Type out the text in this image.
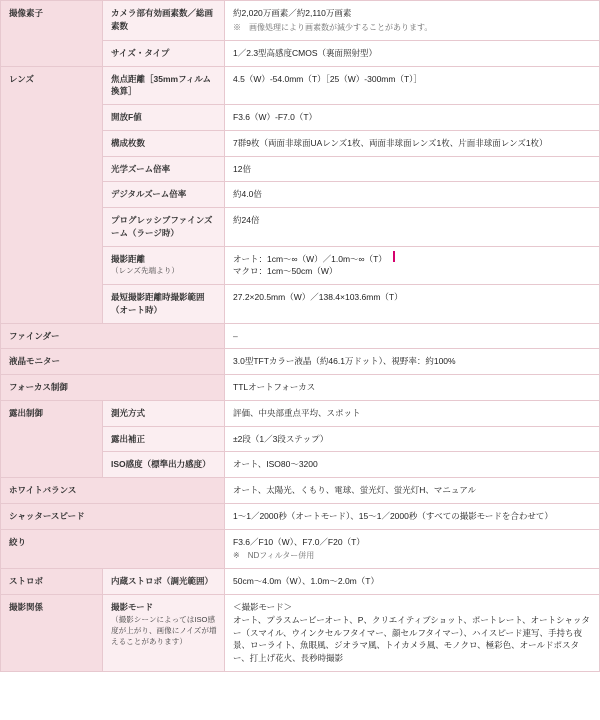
撮像素子	カメラ部有効画素数／総画素数	約2,020万画素／約2,110万画素
※　画像処理により画素数が減少することがあります。

	サイズ・タイプ	1／2.3型高感度CMOS（裏面照射型）

レンズ	焦点距離［35mmフィルム換算］	4.5（W）-54.0mm（T）［25（W）-300mm（T）］

	開放F値	F3.6（W）-F7.0（T）

	構成枚数	7群9枚（両面非球面UAレンズ1枚、両面非球面レンズ1枚、片面非球面レンズ1枚）

	光学ズーム倍率	12倍

	デジタルズーム倍率	約4.0倍

	プログレッシブファインズーム（ラージ時）	約24倍

	撮影距離
（レンズ先端より）	オート：1cm〜∞（W）／1.0m〜∞（T）
マクロ：1cm〜50cm（W）

	最短撮影距離時撮影範囲（オート時）	27.2×20.5mm（W）／138.4×103.6mm（T）

ファインダー		–

液晶モニター		3.0型TFTカラー液晶（約46.1万ドット）、視野率：約100%

フォーカス制御		TTLオートフォーカス

露出制御	測光方式	評価、中央部重点平均、スポット

	露出補正	±2段（1／3段ステップ）

	ISO感度（標準出力感度）	オート、ISO80〜3200

ホワイトバランス		オート、太陽光、くもり、電球、蛍光灯、蛍光灯H、マニュアル

シャッタースピード		1〜1／2000秒（オートモード）、15〜1／2000秒（すべての撮影モードを合わせて）

絞り		F3.6／F10（W）、F7.0／F20（T）
※　NDフィルター併用

ストロボ	内蔵ストロボ（調光範囲）	50cm〜4.0m（W）、1.0m〜2.0m（T）

撮影関係	撮影モード
（撮影シーンによってはISO感度が上がり、画像にノイズが増えることがあります）	＜撮影モード＞
オート、プラスムービーオート、P、クリエイティブショット、ポートレート、オートシャッター（スマイル、ウインクセルフタイマー、顔セルフタイマー）、ハイスピード連写、手持ち夜景、ローライト、魚眼風、ジオラマ風、トイカメラ風、モノクロ、極彩色、オールドポスター、打上げ花火、長秒時撮影
